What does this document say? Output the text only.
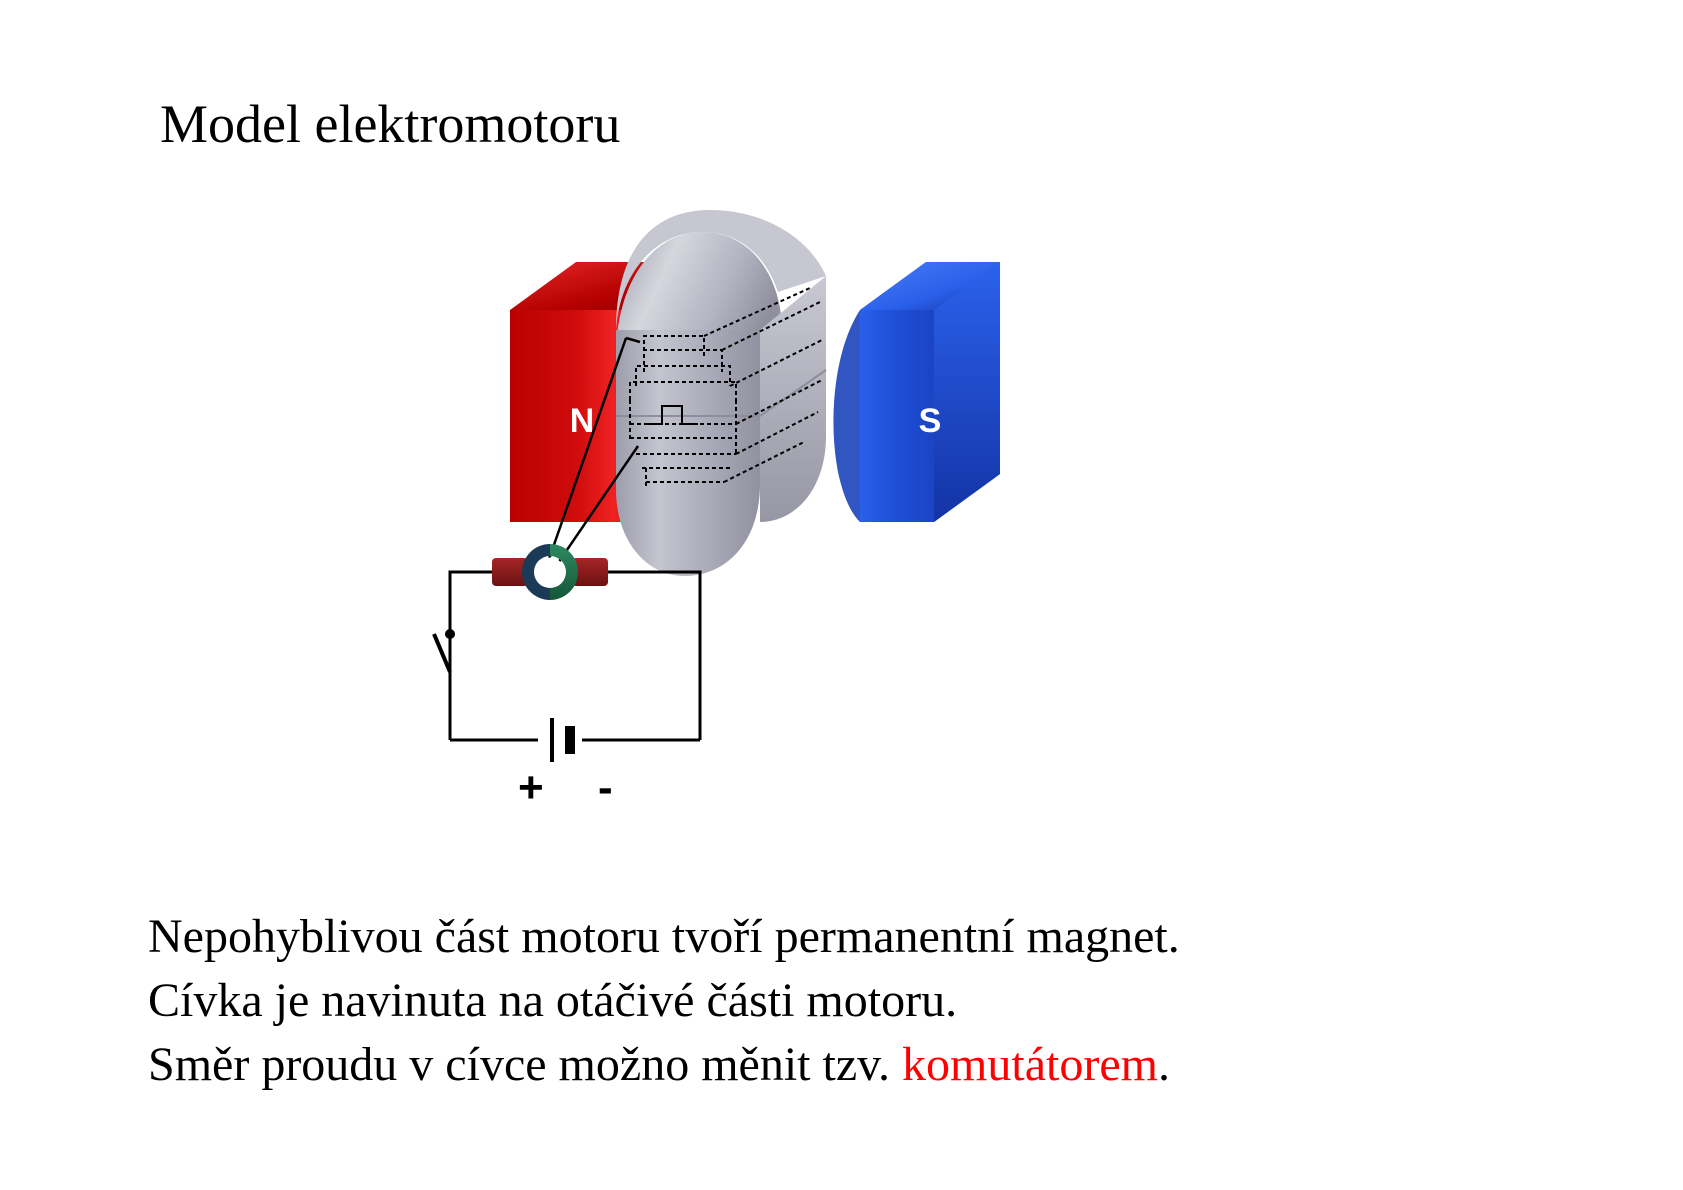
Model elektromotoru
N	S
+ -
Nepohyblivou část motoru tvoří permanentní magnet.
Cívka je navinuta na otáčivé části motoru.
Směr proudu v cívce možno měnit tzv. komutátorem.
